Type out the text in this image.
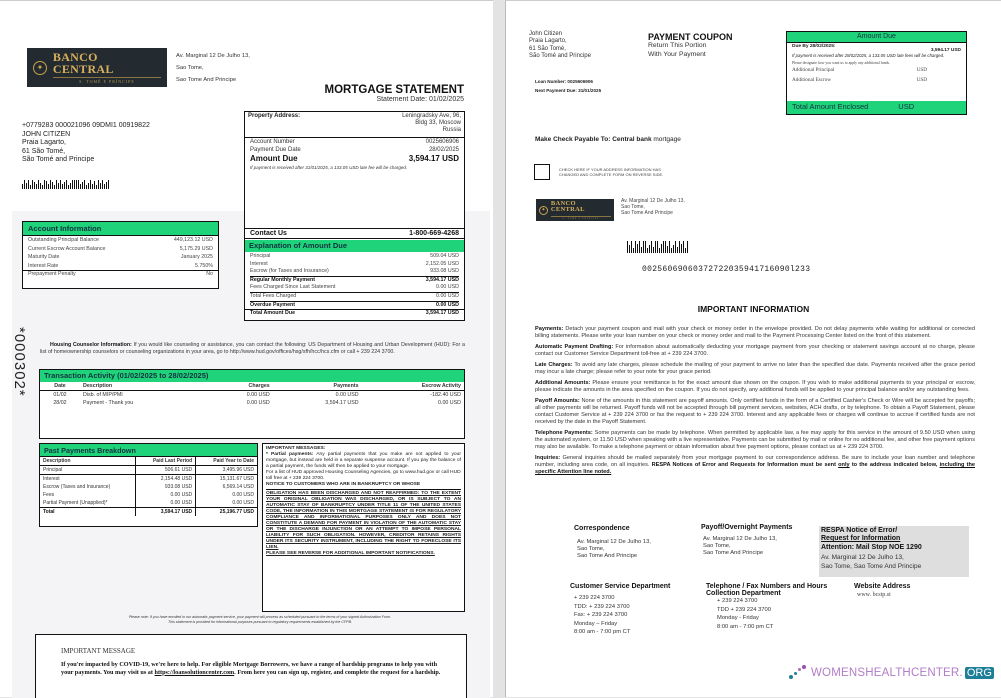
✦
BANCO CENTRAL
S. TOMÉ E PRÍNCIPE
Av. Marginal 12 De Julho 13,
Sao Tome,
Sao Tome And Principe
MORTGAGE STATEMENT
Statement Date: 01/02/2025
+0779283 000021096 09DMI1 00919822
JOHN CITIZEN
Praia Lagarto,
61 São Tomé,
São Tomé and Principe
Property Address:	Leningradsky Ave, 96,
Bldg 33, Moscow
Russia
Account Number	0025606906
Payment Due Date	28/02/2025
Amount Due	3,594.17 USD
If payment is received after 31/01/2025, a 133.05 USD late fee will be charged.
Contact Us	1-800-669-4268
Explanation of Amount Due
Principal	509.04 USD
Interest	2,152.05 USD
Escrow (for Taxes and Insurance)	933.08 USD
Regular Monthly Payment	3,594.17 USD
Fees Charged Since Last Statement	0.00 USD
Total Fees Charged	0.00 USD
Overdue Payment	0.00 USD
Total Amount Due	3,594.17 USD
Account Information
Outstanding Principal Balance	449,123.12 USD
Current Escrow Account Balance	5,175.29 USD
Maturity Date	January 2025
Interest Rate	5.750%
Prepayment Penalty	No
*000302*	Housing Counselor Information: If you would like counseling or assistance, you can contact the following: US Department of Housing and Urban Development (HUD): For a list of homeownership counselors or counseling organizations in your area, go to http://www.hud.gov/offices/hsg/sfh/hcc/hcs.cfm or call + 239 224 3700.
Transaction Activity (01/02/2025 to 28/02/2025)
Date	Description	Charges	Payments	Escrow Activity
01/02	Disb. of MIP/PMI	0.00 USD	0.00 USD	-182.40 USD
28/02	Payment - Thank you	0.00 USD	3,594.17 USD	0.00 USD
Past Payments Breakdown
Description	Paid Last Period	Paid Year to Date
Principal	506.61 USD	3,495.96 USD
Interest	2,154.48 USD	15,131.67 USD
Escrow (Taxes and Insurance)	933.08 USD	6,569.14 USD
Fees	0.00 USD	0.00 USD
Partial Payment (Unapplied)*	0.00 USD	0.00 USD
Total	3,594.17 USD	25,196.77 USD
IMPORTANT MESSAGES:
* Partial payments: Any partial payments that you make are not applied to your mortgage, but instead are held in a separate suspense account. If you pay the balance of a partial payment, the funds will then be applied to your mortgage.
For a list of HUD approved Housing Counseling Agencies, go to www.hud.gov or call HUD toll free at + 239 224 3700.
NOTICE TO CUSTOMERS WHO ARE IN BANKRUPTCY OR WHOSE
OBLIGATION HAS BEEN DISCHARGED AND NOT REAFFIRMED: TO THE EXTENT YOUR ORIGINAL OBLIGATION WAS DISCHARGED, OR IS SUBJECT TO AN AUTOMATIC STAY OF BANKRUPTCY UNDER TITLE 11 OF THE UNITED STATES CODE, THE INFORMATION IN THIS MORTGAGE STATEMENT IS FOR REGULATORY COMPLIANCE AND INFORMATIONAL PURPOSES ONLY AND DOES NOT CONSTITUTE A DEMAND FOR PAYMENT IN VIOLATION OF THE AUTOMATIC STAY OR THE DISCHARGE INJUNCTION OR AN ATTEMPT TO IMPOSE PERSONAL LIABILITY FOR SUCH OBLIGATION. HOWEVER, CREDITOR RETAINS RIGHTS UNDER ITS SECURITY INSTRUMENT, INCLUDING THE RIGHT TO FORECLOSE ITS LIEN.
PLEASE SEE REVERSE FOR ADDITIONAL IMPORTANT NOTIFICATIONS.
Please note: If you have enrolled in our automatic payment service, your payment will process as scheduled pursuant to the terms of your signed Authorization Form.
This statement is provided for informational purposes pursuant to regulatory requirements established by the CFPB.
IMPORTANT MESSAGE
If you're impacted by COVID-19, we're here to help. For eligible Mortgage Borrowers, we have a range of hardship programs to help you with your payments. You may visit us at https://loansolutioncenter.com. From here you can sign up, register, and complete the request for a hardship.
John Citizen
Praia Lagarto,
61 São Tomé,
São Tomé and Principe
PAYMENT COUPON
Return This Portion
With Your Payment
Loan Number: 0025606906
Next Payment Due: 31/01/2025
Amount Due
Due By 28/02/2025:
3,594.17 USD
If payment is received after 28/02/2025, a 133.05 USD late fees will be charged.
Please designate how you want us to apply any additional funds.
Additional Principal	USD
Additional Escrow	USD
Total Amount Enclosed	USD
Make Check Payable To: Central bank mortgage
CHECK HERE IF YOUR ADDRESS INFORMATION HAS
CHANGED AND COMPLETE FORM ON REVERSE SIDE.
✦
BANCO CENTRAL
S. TOMÉ E PRÍNCIPE
Av. Marginal 12 De Julho 13,
Sao Tome,
Sao Tome And Principe
00256069060372722035941716090l233
IMPORTANT INFORMATION
Payments: Detach your payment coupon and mail with your check or money order in the envelope provided. Do not delay payments while waiting for additional or corrected billing statements. Please write your loan number on your check or money order and mail to the Payment Processing Center listed on the front of this statement.
Automatic Payment Drafting: For information about automatically deducting your mortgage payment from your checking or statement savings account at no charge, please contact our Customer Service Department toll-free at + 239 224 3700.
Late Charges: To avoid any late charges, please schedule the mailing of your payment to arrive no later than the specified due date. Payments received after the grace period may incur a late charge; please refer to your note for your grace period.
Additional Amounts: Please ensure your remittance is for the exact amount due shown on the coupon. If you wish to make additional payments to your principal or escrow, please indicate the amounts in the area specified on the coupon. If you do not specify, any additional funds will be applied to your principal balance and/or any outstanding fees.
Payoff Amounts: None of the amounts in this statement are payoff amounts. Only certified funds in the form of a Certified Cashier's Check or Wire will be accepted for payoffs; all other payments will be returned. Payoff funds will not be accepted through bill payment services, websites, ACH drafts, or by telephone. To obtain a Payoff Statement, please contact Customer Service at + 239 224 3700 or fax the request to + 239 224 3700. Interest and any applicable fees or charges will continue to accrue if certified funds are not received by the date in the Payoff Statement.
Telephone Payments: Some payments can be made by telephone. When permitted by applicable law, a fee may apply for this service in the amount of 9.50 USD when using the automated system, or 11.50 USD when speaking with a live representative. Payments can be submitted by mail or online for no additional fee, and other free payment options may also be available. To make a telephone payment or obtain information about free payment options, please contact us at + 239 224 3700.
Inquiries: General inquiries should be mailed separately from your mortgage payment to our correspondence address. Be sure to include your loan number and telephone number, including area code, on all inquiries. RESPA Notices of Error and Requests for Information must be sent only to the address indicated below, including the specific Attention line noted.
Correspondence
Av. Marginal 12 De Julho 13,
Sao Tome,
Sao Tome And Principe
Payoff/Overnight Payments
Av. Marginal 12 De Julho 13,
Sao Tome,
Sao Tome And Principe
RESPA Notice of Error/
Request for Information
Attention: Mail Stop NOE 1290
Av. Marginal 12 De Julho 13,
Sao Tome, Sao Tome And Principe
Customer Service Department
+ 239 224 3700
TDD: + 239 224 3700
Fax: + 239 224 3700
Monday – Friday
8:00 am - 7:00 pm CT
Telephone / Fax Numbers and Hours
Collection Department
+ 239 224 3700
TDD + 239 224 3700
Monday - Friday
8:00 am - 7:00 pm CT
Website Address
www. bcstp.st
WOMENSHEALTHCENTER. ORG
